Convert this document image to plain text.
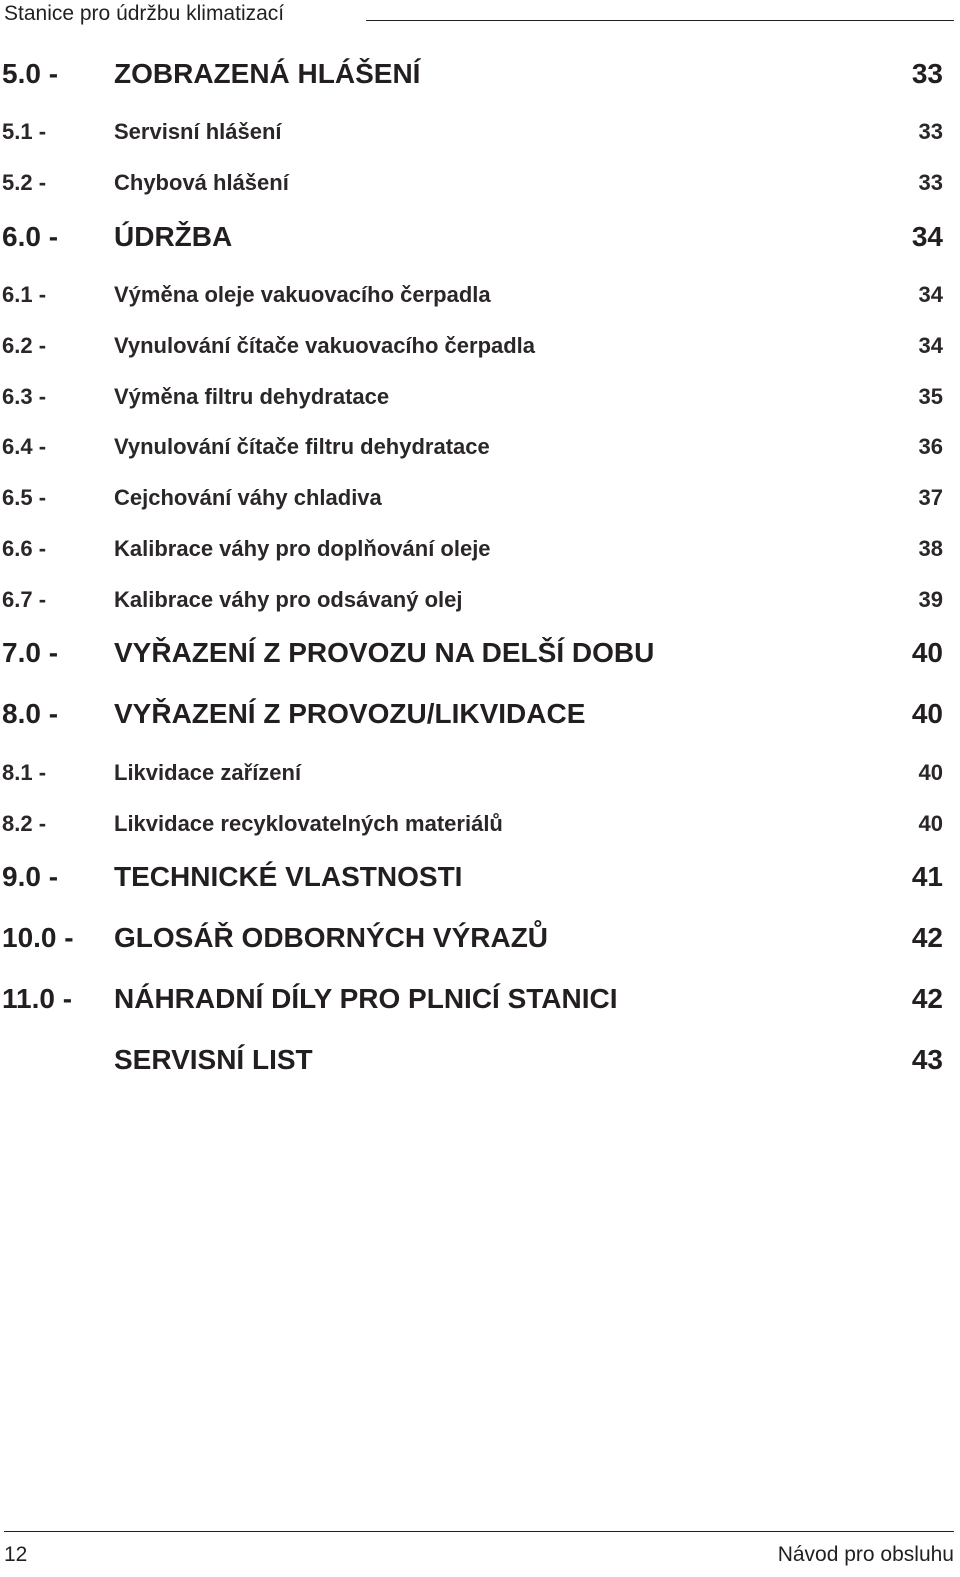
Stanice pro údržbu klimatizací
5.0 - ZOBRAZENÁ HLÁŠENÍ	33
5.1 -	Servisní hlášení	33
5.2 -	Chybová hlášení	33
6.0 - ÚDRŽBA	34
6.1 -	Výměna oleje vakuovacího čerpadla	34
6.2 -	Vynulování čítače vakuovacího čerpadla	34
6.3 -	Výměna filtru dehydratace	35
6.4 -	Vynulování čítače filtru dehydratace	36
6.5 -	Cejchování váhy chladiva	37
6.6 -	Kalibrace váhy pro doplňování oleje	38
6.7 -	Kalibrace váhy pro odsávaný olej	39
7.0 - VYŘAZENÍ Z PROVOZU NA DELŠÍ DOBU	40
8.0 - VYŘAZENÍ Z PROVOZU/LIKVIDACE	40
8.1 -	Likvidace zařízení	40
8.2 -	Likvidace recyklovatelných materiálů	40
9.0 - TECHNICKÉ VLASTNOSTI	41
10.0 - GLOSÁŘ ODBORNÝCH VÝRAZŮ	42
11.0 - NÁHRADNÍ DÍLY PRO PLNICÍ STANICI	42
SERVISNÍ LIST	43
12	Návod pro obsluhu
